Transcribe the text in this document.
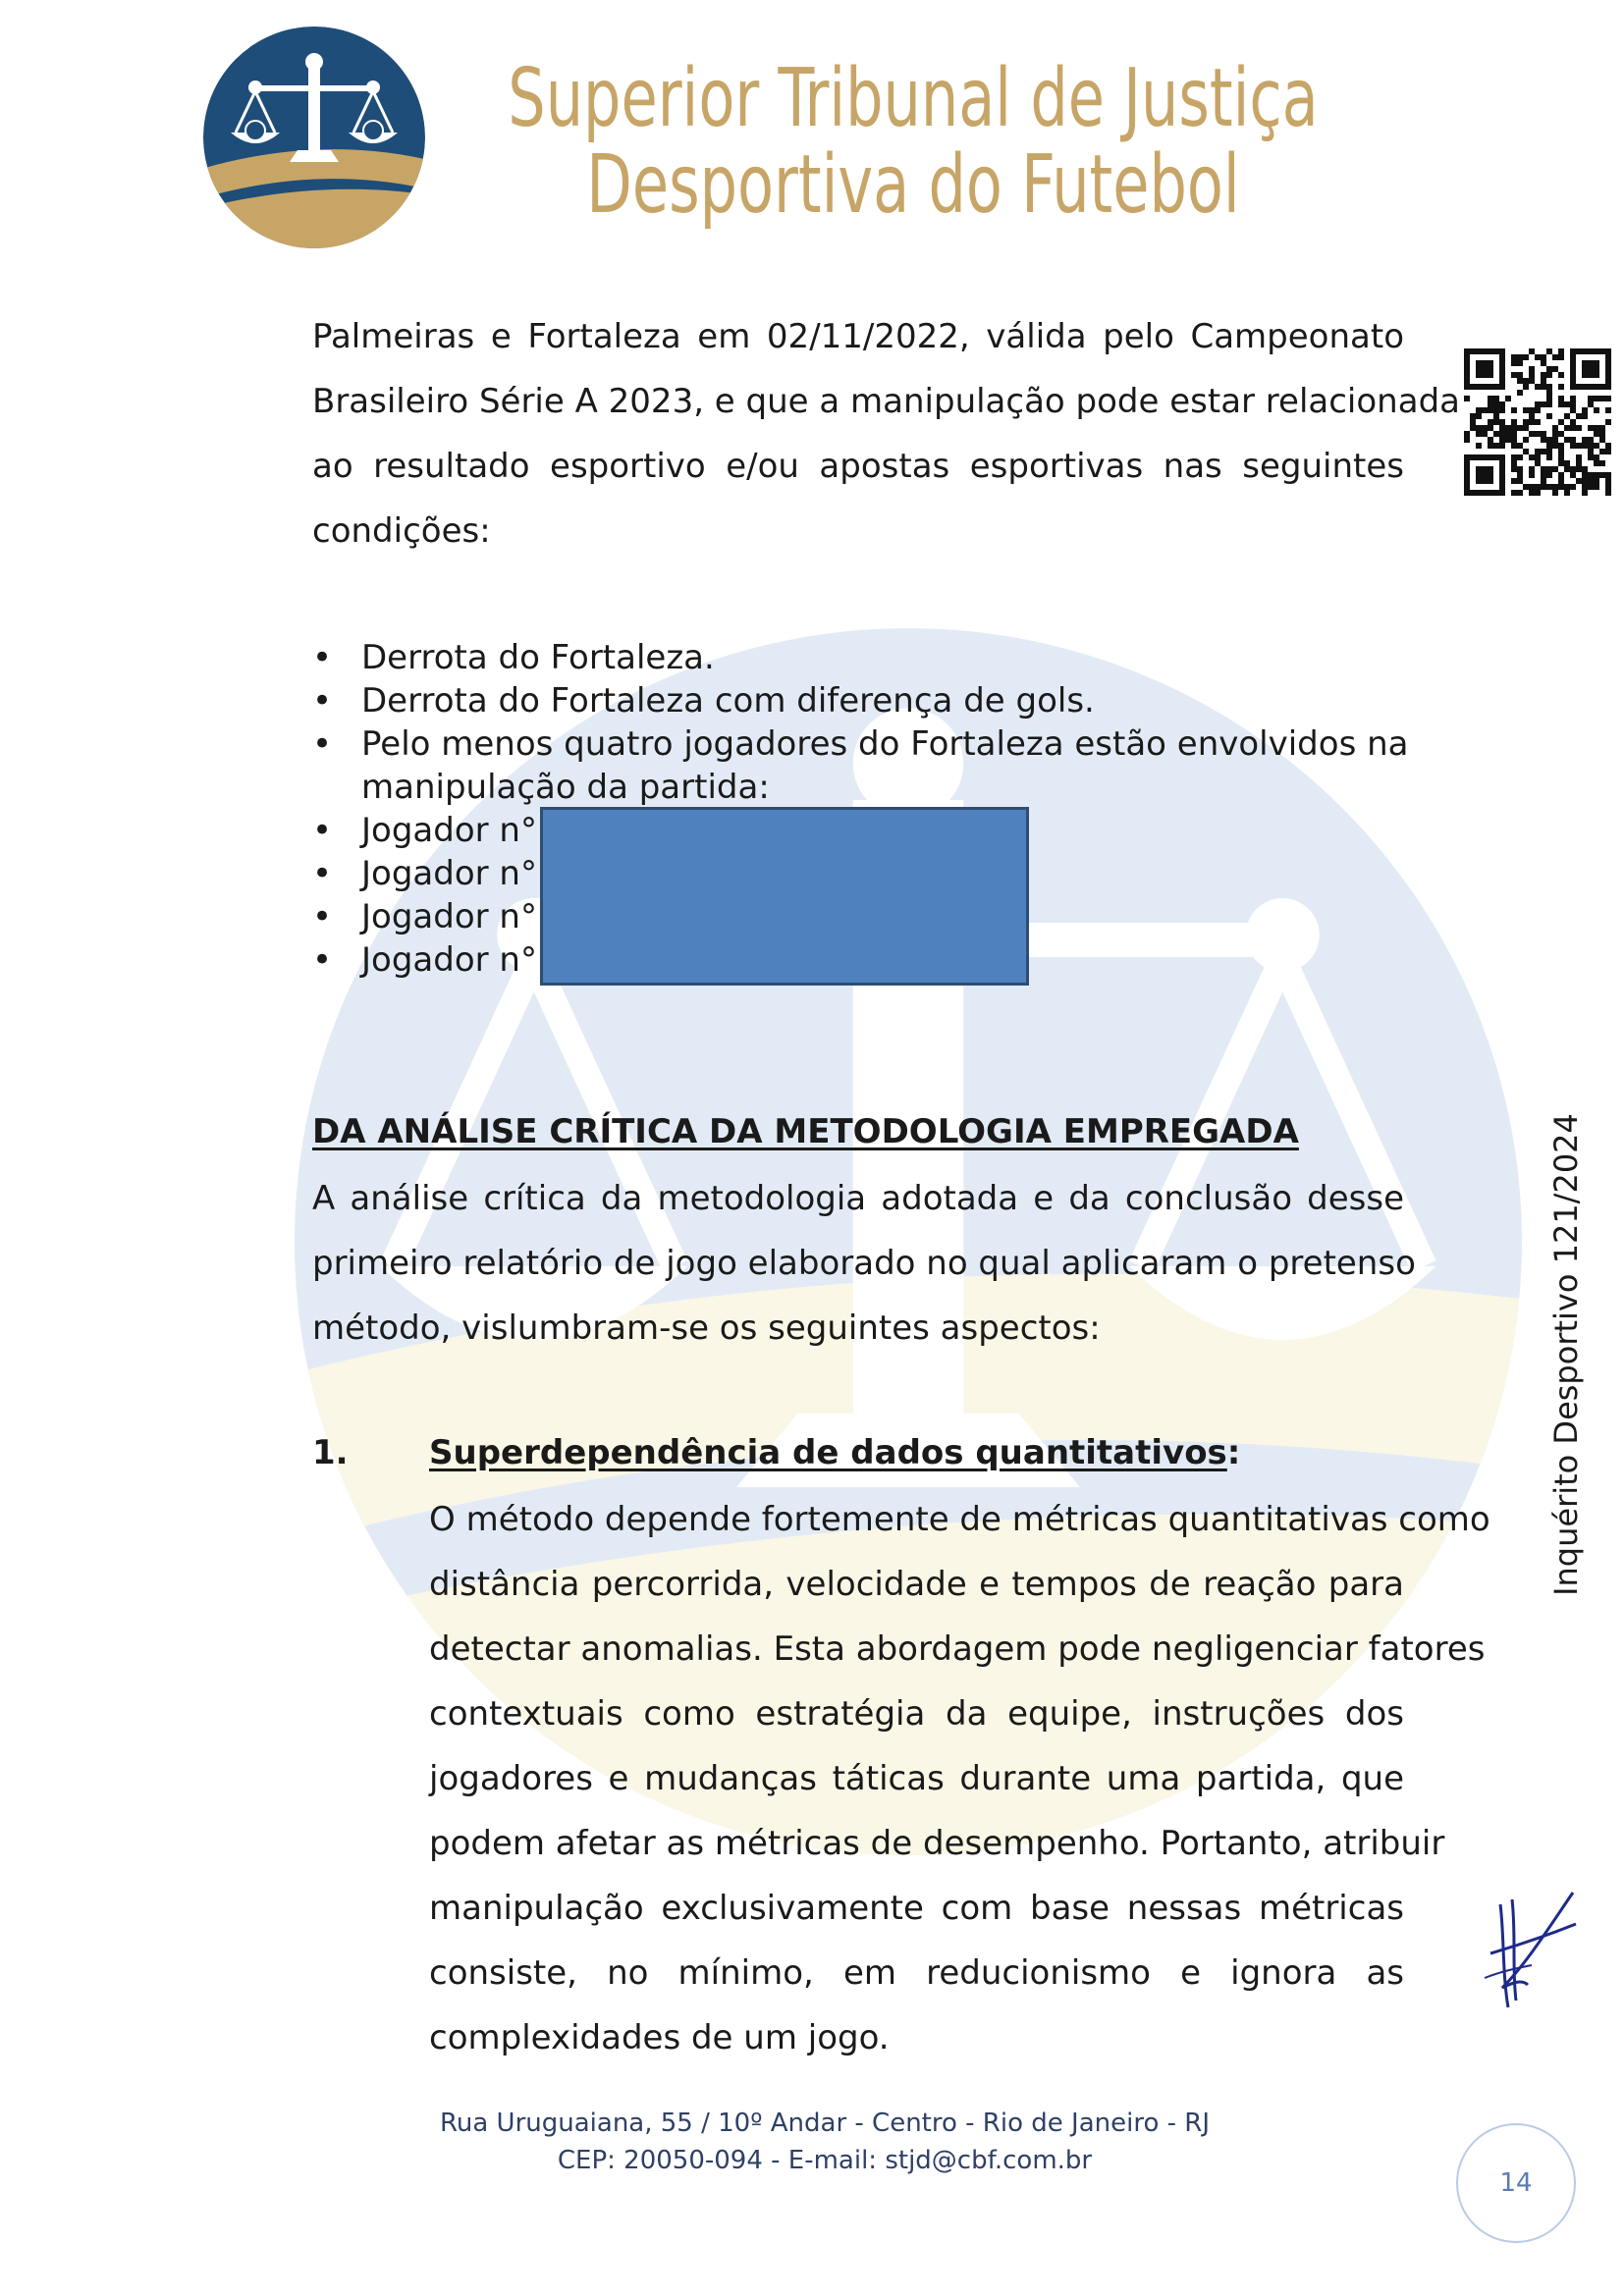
Superior Tribunal de Justiça
Desportiva do Futebol
Palmeiras e Fortaleza em 02/11/2022, válida pelo Campeonato
Brasileiro Série A 2023, e que a manipulação pode estar relacionada
ao resultado esportivo e/ou apostas esportivas nas seguintes
condições:
• Derrota do Fortaleza.
• Derrota do Fortaleza com diferença de gols.
• Pelo menos quatro jogadores do Fortaleza estão envolvidos na
manipulação da partida:
• Jogador n°
• Jogador n°
• Jogador n°
• Jogador n°
DA ANÁLISE CRÍTICA DA METODOLOGIA EMPREGADA
A análise crítica da metodologia adotada e da conclusão desse
primeiro relatório de jogo elaborado no qual aplicaram o pretenso
método, vislumbram-se os seguintes aspectos:
1. Superdependência de dados quantitativos:
O método depende fortemente de métricas quantitativas como
distância percorrida, velocidade e tempos de reação para
detectar anomalias. Esta abordagem pode negligenciar fatores
contextuais como estratégia da equipe, instruções dos
jogadores e mudanças táticas durante uma partida, que
podem afetar as métricas de desempenho. Portanto, atribuir
manipulação exclusivamente com base nessas métricas
consiste, no mínimo, em reducionismo e ignora as
complexidades de um jogo.
Inquérito Desportivo 121/2024
Rua Uruguaiana, 55 / 10º Andar - Centro - Rio de Janeiro - RJ
CEP: 20050-094 - E-mail: stjd@cbf.com.br
14
